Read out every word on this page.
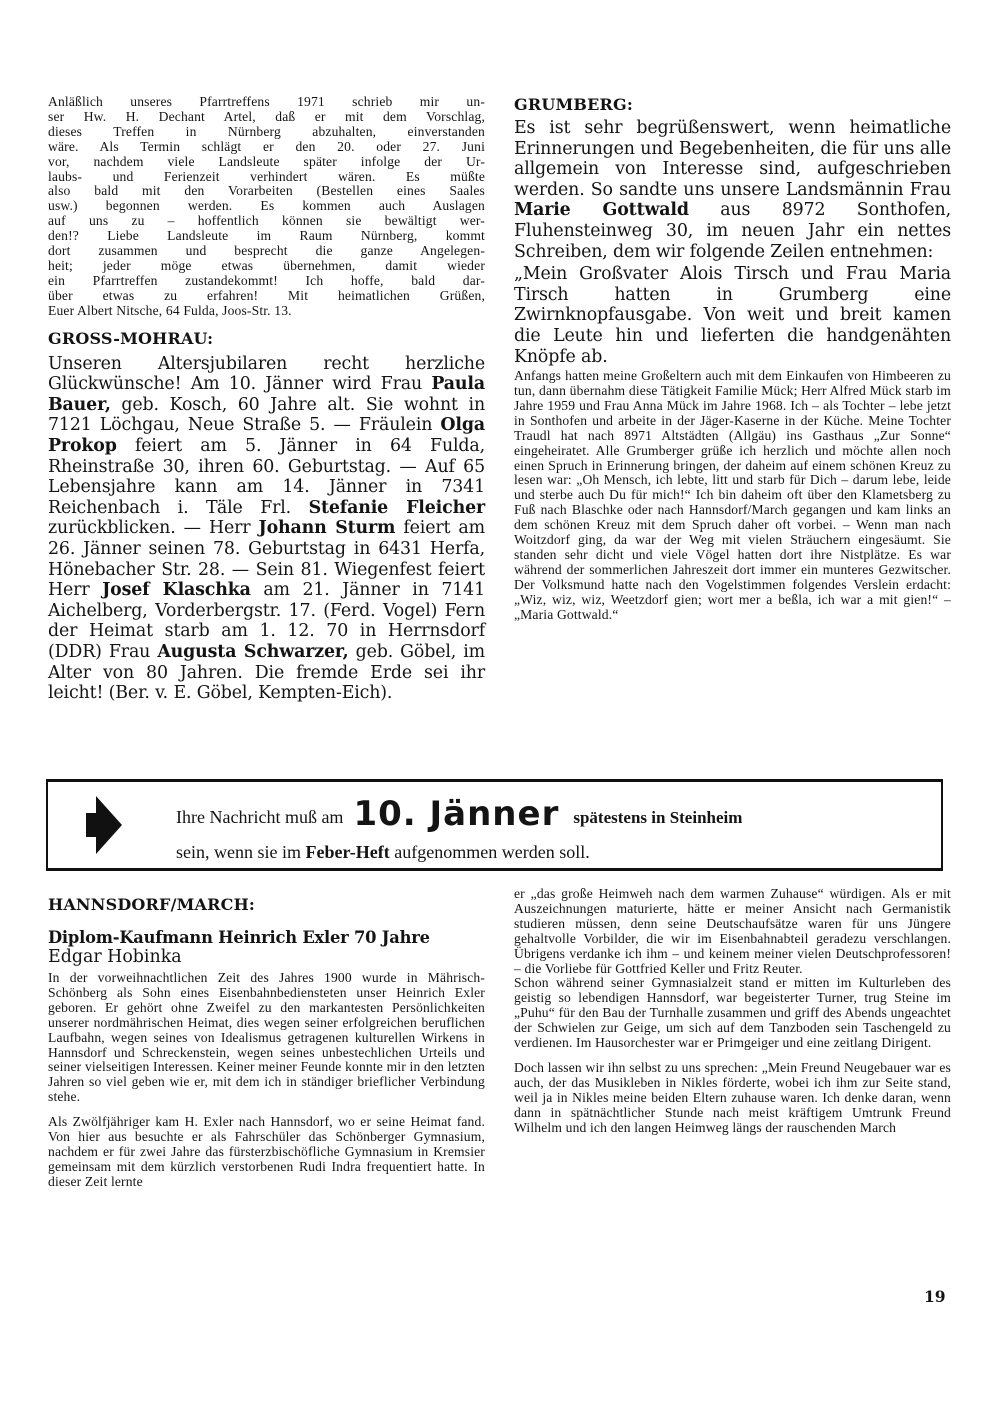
Anläßlich unseres Pfarrtreffens 1971 schrieb mir un-
ser Hw. H. Dechant Artel, daß er mit dem Vorschlag,
dieses Treffen in Nürnberg abzuhalten, einverstanden
wäre. Als Termin schlägt er den 20. oder 27. Juni
vor, nachdem viele Landsleute später infolge der Ur-
laubs- und Ferienzeit verhindert wären. Es müßte
also bald mit den Vorarbeiten (Bestellen eines Saales
usw.) begonnen werden. Es kommen auch Auslagen
auf uns zu – hoffentlich können sie bewältigt wer-
den!? Liebe Landsleute im Raum Nürnberg, kommt
dort zusammen und besprecht die ganze Angelegen-
heit; jeder möge etwas übernehmen, damit wieder
ein Pfarrtreffen zustandekommt! Ich hoffe, bald dar-
über etwas zu erfahren! Mit heimatlichen Grüßen,
Euer Albert Nitsche, 64 Fulda, Joos-Str. 13.
GROSS-MOHRAU:

Unseren Altersjubilaren recht herzliche Glückwünsche! Am 10. Jänner wird Frau Paula Bauer, geb. Kosch, 60 Jahre alt. Sie wohnt in 7121 Löchgau, Neue Straße 5. — Fräulein Olga Prokop feiert am 5. Jänner in 64 Fulda, Rheinstraße 30, ihren 60. Geburtstag. — Auf 65 Lebensjahre kann am 14. Jänner in 7341 Reichenbach i. Täle Frl. Stefanie Fleicher zurückblicken. — Herr Johann Sturm feiert am 26. Jänner seinen 78. Geburtstag in 6431 Herfa, Hönebacher Str. 28. — Sein 81. Wiegenfest feiert Herr Josef Klaschka am 21. Jänner in 7141 Aichelberg, Vorderbergstr. 17. (Ferd. Vogel) Fern der Heimat starb am 1. 12. 70 in Herrnsdorf (DDR) Frau Augusta Schwarzer, geb. Göbel, im Alter von 80 Jahren. Die fremde Erde sei ihr leicht! (Ber. v. E. Göbel, Kempten-Eich).

GRUMBERG:

Es ist sehr begrüßenswert, wenn heimatliche Erinnerungen und Begebenheiten, die für uns alle allgemein von Interesse sind, aufgeschrieben werden. So sandte uns unsere Landsmännin Frau Marie Gottwald aus 8972 Sonthofen, Fluhensteinweg 30, im neuen Jahr ein nettes Schreiben, dem wir folgende Zeilen entnehmen:

„Mein Großvater Alois Tirsch und Frau Maria Tirsch hatten in Grumberg eine Zwirnknopfausgabe. Von weit und breit kamen die Leute hin und lieferten die handgenähten Knöpfe ab.

Anfangs hatten meine Großeltern auch mit dem Einkaufen von Himbeeren zu tun, dann übernahm diese Tätigkeit Familie Mück; Herr Alfred Mück starb im Jahre 1959 und Frau Anna Mück im Jahre 1968. Ich – als Tochter – lebe jetzt in Sonthofen und arbeite in der Jäger-Kaserne in der Küche. Meine Tochter Traudl hat nach 8971 Altstädten (Allgäu) ins Gasthaus „Zur Sonne“ eingeheiratet. Alle Grumberger grüße ich herzlich und möchte allen noch einen Spruch in Erinnerung bringen, der daheim auf einem schönen Kreuz zu lesen war: „Oh Mensch, ich lebte, litt und starb für Dich – darum lebe, leide und sterbe auch Du für mich!“ Ich bin daheim oft über den Klametsberg zu Fuß nach Blaschke oder nach Hannsdorf/March gegangen und kam links an dem schönen Kreuz mit dem Spruch daher oft vorbei. – Wenn man nach Woitzdorf ging, da war der Weg mit vielen Sträuchern eingesäumt. Sie standen sehr dicht und viele Vögel hatten dort ihre Nistplätze. Es war während der sommerlichen Jahreszeit dort immer ein munteres Gezwitscher. Der Volksmund hatte nach den Vogelstimmen folgendes Verslein erdacht: „Wiz, wiz, wiz, Weetzdorf gien; wort mer a beßla, ich war a mit gien!“ – „Maria Gottwald.“

Ihre Nachricht muß am 10. Jänner spätestens in Steinheim
sein, wenn sie im Feber-Heft aufgenommen werden soll.
HANNSDORF/MARCH:
Diplom-Kaufmann Heinrich Exler 70 Jahre
Edgar Hobinka

In der vorweihnachtlichen Zeit des Jahres 1900 wurde in Mährisch-Schönberg als Sohn eines Eisenbahnbediensteten unser Heinrich Exler geboren. Er gehört ohne Zweifel zu den markantesten Persönlichkeiten unserer nordmährischen Heimat, dies wegen seiner erfolgreichen beruflichen Laufbahn, wegen seines von Idealismus getragenen kulturellen Wirkens in Hannsdorf und Schreckenstein, wegen seines unbestechlichen Urteils und seiner vielseitigen Interessen. Keiner meiner Feunde konnte mir in den letzten Jahren so viel geben wie er, mit dem ich in ständiger brieflicher Verbindung stehe.

Als Zwölfjähriger kam H. Exler nach Hannsdorf, wo er seine Heimat fand. Von hier aus besuchte er als Fahrschüler das Schönberger Gymnasium, nachdem er für zwei Jahre das fürsterzbischöfliche Gymnasium in Kremsier gemeinsam mit dem kürzlich verstorbenen Rudi Indra frequentiert hatte. In dieser Zeit lernte

er „das große Heimweh nach dem warmen Zuhause“ würdigen. Als er mit Auszeichnungen maturierte, hätte er meiner Ansicht nach Germanistik studieren müssen, denn seine Deutschaufsätze waren für uns Jüngere gehaltvolle Vorbilder, die wir im Eisenbahnabteil geradezu verschlangen. Übrigens verdanke ich ihm – und keinem meiner vielen Deutschprofessoren! – die Vorliebe für Gottfried Keller und Fritz Reuter.

Schon während seiner Gymnasialzeit stand er mitten im Kulturleben des geistig so lebendigen Hannsdorf, war begeisterter Turner, trug Steine im „Puhu“ für den Bau der Turnhalle zusammen und griff des Abends ungeachtet der Schwielen zur Geige, um sich auf dem Tanzboden sein Taschengeld zu verdienen. Im Hausorchester war er Primgeiger und eine zeitlang Dirigent.

Doch lassen wir ihn selbst zu uns sprechen: „Mein Freund Neugebauer war es auch, der das Musikleben in Nikles förderte, wobei ich ihm zur Seite stand, weil ja in Nikles meine beiden Eltern zuhause waren. Ich denke daran, wenn dann in spätnächtlicher Stunde nach meist kräftigem Umtrunk Freund Wilhelm und ich den langen Heimweg längs der rauschenden March

19
